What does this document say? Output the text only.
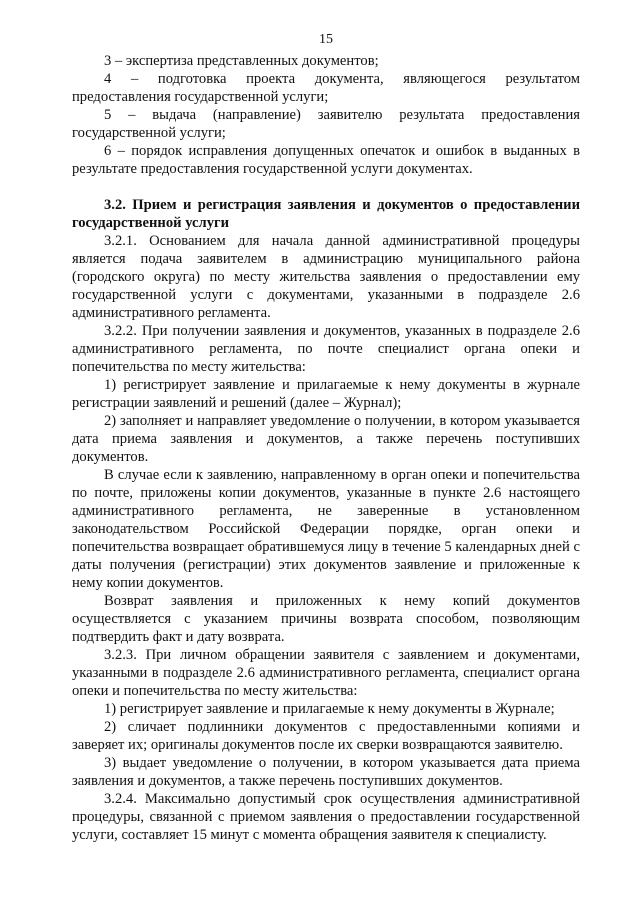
15

3 – экспертиза представленных документов;

4 – подготовка проекта документа, являющегося результатом предоставления государственной услуги;

5 – выдача (направление) заявителю результата предоставления государственной услуги;

6 – порядок исправления допущенных опечаток и ошибок в выданных в результате предоставления государственной услуги документах.

3.2. Прием и регистрация заявления и документов о предоставлении государственной услуги

3.2.1. Основанием для начала данной административной процедуры является подача заявителем в администрацию муниципального района (городского округа) по месту жительства заявления о предоставлении ему государственной услуги с документами, указанными в подразделе 2.6 административного регламента.

3.2.2. При получении заявления и документов, указанных в подразделе 2.6 административного регламента, по почте специалист органа опеки и попечительства по месту жительства:

1) регистрирует заявление и прилагаемые к нему документы в журнале регистрации заявлений и решений (далее – Журнал);

2) заполняет и направляет уведомление о получении, в котором указывается дата приема заявления и документов, а также перечень поступивших документов.

В случае если к заявлению, направленному в орган опеки и попечительства по почте, приложены копии документов, указанные в пункте 2.6 настоящего административного регламента, не заверенные в установленном законодательством Российской Федерации порядке, орган опеки и попечительства возвращает обратившемуся лицу в течение 5 календарных дней с даты получения (регистрации) этих документов заявление и приложенные к нему копии документов.

Возврат заявления и приложенных к нему копий документов осуществляется с указанием причины возврата способом, позволяющим подтвердить факт и дату возврата.

3.2.3. При личном обращении заявителя с заявлением и документами, указанными в подразделе 2.6 административного регламента, специалист органа опеки и попечительства по месту жительства:

1) регистрирует заявление и прилагаемые к нему документы в Журнале;

2) сличает подлинники документов с предоставленными копиями и заверяет их; оригиналы документов после их сверки возвращаются заявителю.

3) выдает уведомление о получении, в котором указывается дата приема заявления и документов, а также перечень поступивших документов.

3.2.4. Максимально допустимый срок осуществления административной процедуры, связанной с приемом заявления о предоставлении государственной услуги, составляет 15 минут с момента обращения заявителя к специалисту.
